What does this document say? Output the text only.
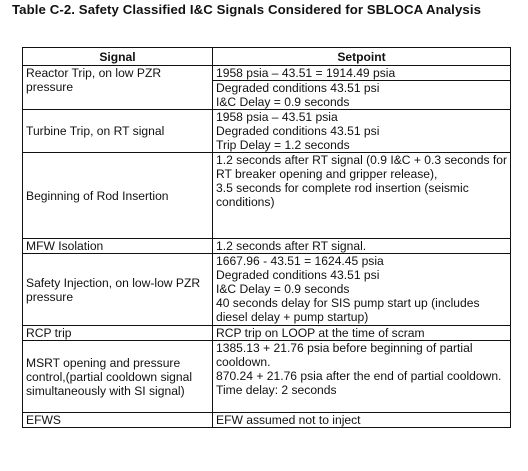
Table C-2. Safety Classified I&C Signals Considered for SBLOCA Analysis
Signal	Setpoint
Reactor Trip, on low PZR pressure	1958 psia – 43.51 = 1914.49 psia
Degraded conditions 43.51 psi
I&C Delay = 0.9 seconds

Turbine Trip, on RT signal	1958 psia – 43.51 psia
Degraded conditions 43.51 psi
Trip Delay = 1.2 seconds

Beginning of Rod Insertion	1.2 seconds after RT signal (0.9 I&C + 0.3 seconds for RT breaker opening and gripper release),
3.5 seconds for complete rod insertion (seismic conditions)

MFW Isolation	1.2 seconds after RT signal.

Safety Injection, on low-low PZR pressure	1667.96 - 43.51 = 1624.45 psia
Degraded conditions 43.51 psi
I&C Delay = 0.9 seconds
40 seconds delay for SIS pump start up (includes diesel delay + pump startup)

RCP trip	RCP trip on LOOP at the time of scram

MSRT opening and pressure control,(partial cooldown signal simultaneously with SI signal)	1385.13 + 21.76 psia before beginning of partial cooldown.
870.24 + 21.76 psia after the end of partial cooldown.
Time delay: 2 seconds

EFWS	EFW assumed not to inject
